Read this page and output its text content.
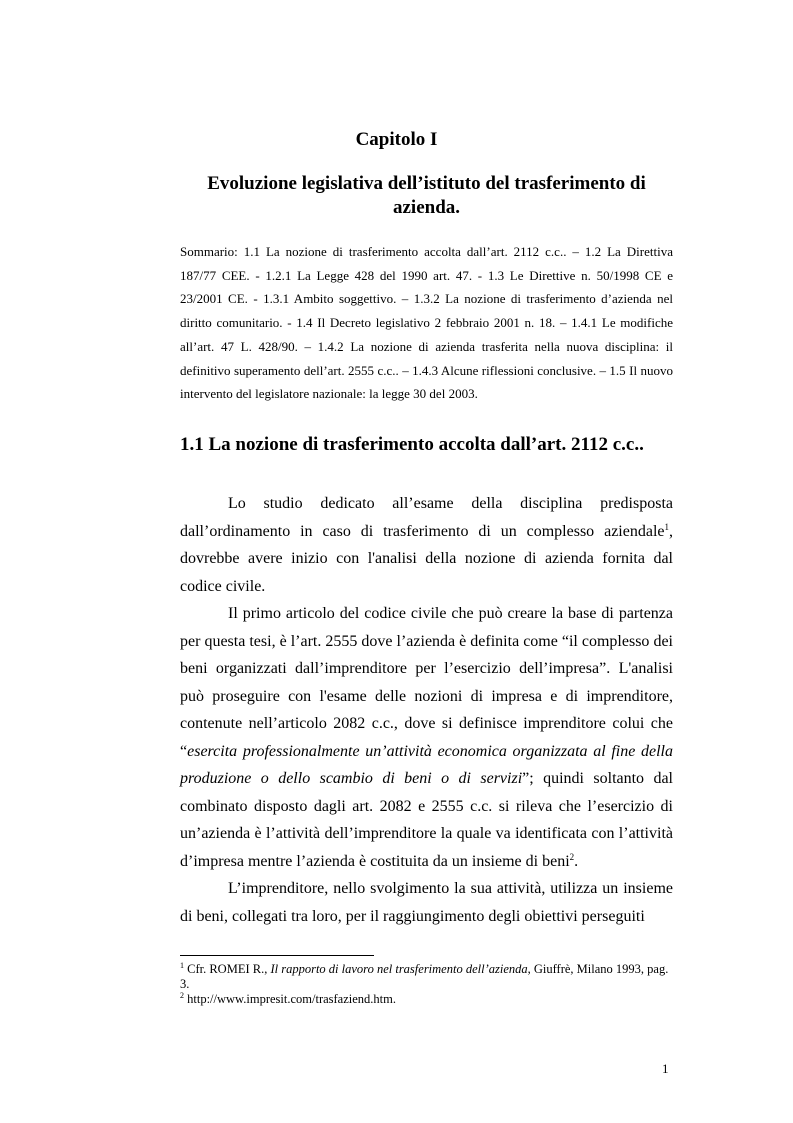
Capitolo I
Evoluzione legislativa dell’istituto del trasferimento di azienda.

Sommario: 1.1 La nozione di trasferimento accolta dall’art. 2112 c.c.. – 1.2 La Direttiva 187/77 CEE. - 1.2.1 La Legge 428 del 1990 art. 47. - 1.3 Le Direttive n. 50/1998 CE e 23/2001 CE. - 1.3.1 Ambito soggettivo. – 1.3.2 La nozione di trasferimento d’azienda nel diritto comunitario. - 1.4 Il Decreto legislativo 2 febbraio 2001 n. 18. – 1.4.1 Le modifiche all’art. 47 L. 428/90. – 1.4.2 La nozione di azienda trasferita nella nuova disciplina: il definitivo superamento dell’art. 2555 c.c.. – 1.4.3 Alcune riflessioni conclusive. – 1.5 Il nuovo intervento del legislatore nazionale: la legge 30 del 2003.

1.1 La nozione di trasferimento accolta dall’art. 2112 c.c..

Lo studio dedicato all’esame della disciplina predisposta dall’ordinamento in caso di trasferimento di un complesso aziendale$^1$, dovrebbe avere inizio con l'analisi della nozione di azienda fornita dal codice civile.

Il primo articolo del codice civile che può creare la base di partenza per questa tesi, è l’art. 2555 dove l’azienda è definita come “il complesso dei beni organizzati dall’imprenditore per l’esercizio dell’impresa”. L'analisi può proseguire con l'esame delle nozioni di impresa e di imprenditore, contenute nell’articolo 2082 c.c., dove si definisce imprenditore colui che “esercita professionalmente un’attività economica organizzata al fine della produzione o dello scambio di beni o di servizi”; quindi soltanto dal combinato disposto dagli art. 2082 e 2555 c.c. si rileva che l’esercizio di un’azienda è l’attività dell’imprenditore la quale va identificata con l’attività d’impresa mentre l’azienda è costituita da un insieme di beni$^2$.

L’imprenditore, nello svolgimento la sua attività, utilizza un insieme di beni, collegati tra loro, per il raggiungimento degli obiettivi perseguiti

$^1$ Cfr. ROMEI R., Il rapporto di lavoro nel trasferimento dell’azienda, Giuffrè, Milano 1993, pag. 3.
$^2$ http://www.impresit.com/trasfaziend.htm.
1
